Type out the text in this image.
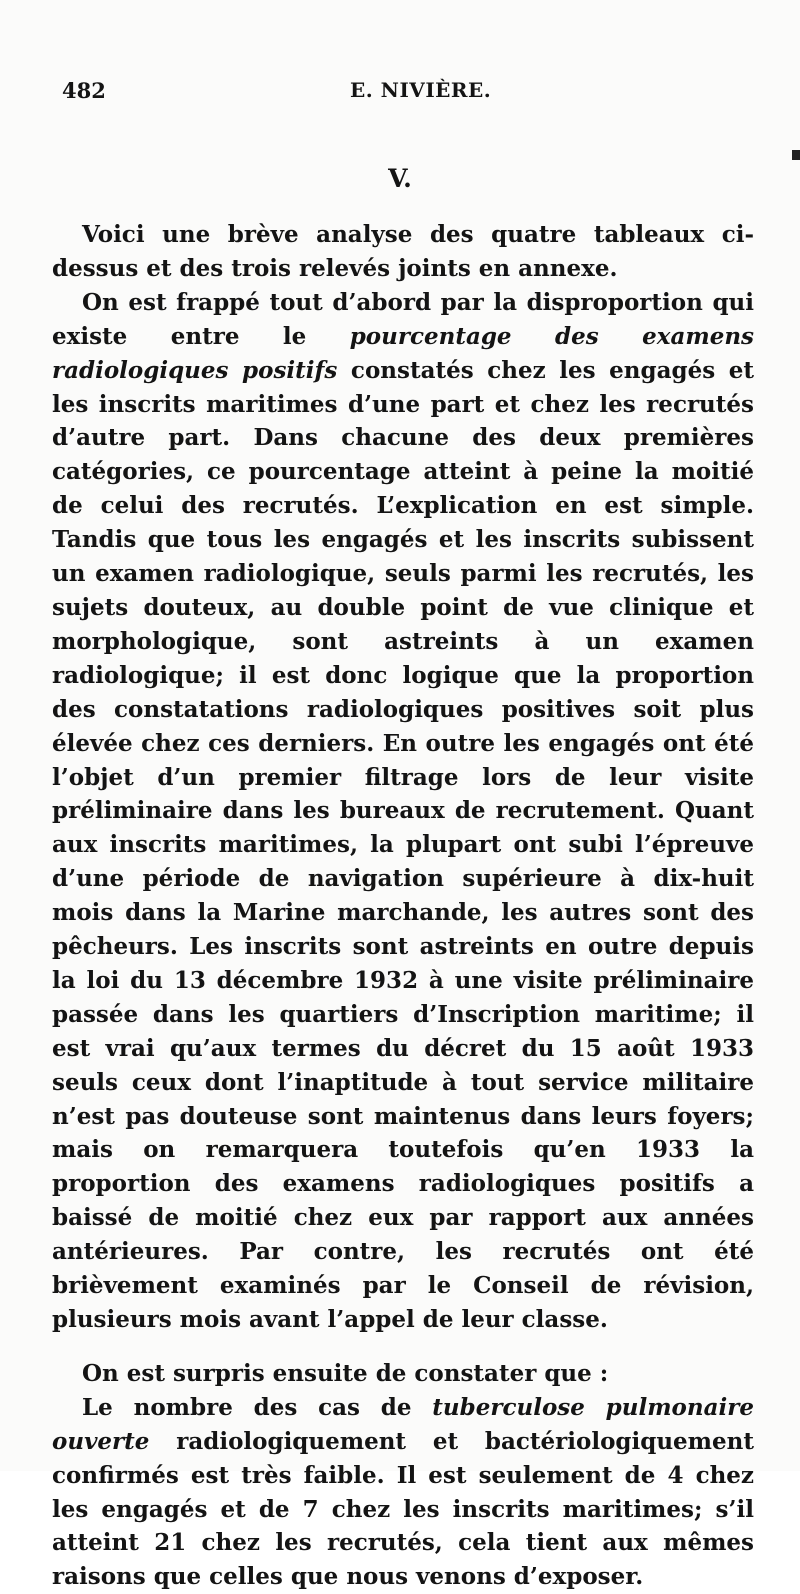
482	E. NIVIÈRE.
V.

Voici une brève analyse des quatre tableaux ci-dessus et des trois relevés joints en annexe.

On est frappé tout d’abord par la disproportion qui existe entre le pourcentage des examens radiologiques positifs constatés chez les engagés et les inscrits maritimes d’une part et chez les recrutés d’autre part. Dans chacune des deux premières catégories, ce pourcentage atteint à peine la moitié de celui des recrutés. L’explication en est simple. Tandis que tous les engagés et les inscrits subissent un examen radiologique, seuls parmi les recrutés, les sujets douteux, au double point de vue clinique et morphologique, sont astreints à un examen radiologique; il est donc logique que la proportion des constatations radiologiques positives soit plus élevée chez ces derniers. En outre les engagés ont été l’objet d’un premier filtrage lors de leur visite préliminaire dans les bureaux de recrutement. Quant aux inscrits maritimes, la plupart ont subi l’épreuve d’une période de navigation supérieure à dix-huit mois dans la Marine marchande, les autres sont des pêcheurs. Les inscrits sont astreints en outre depuis la loi du 13 décembre 1932 à une visite préliminaire passée dans les quartiers d’Inscription maritime; il est vrai qu’aux termes du décret du 15 août 1933 seuls ceux dont l’inaptitude à tout service militaire n’est pas douteuse sont maintenus dans leurs foyers; mais on remarquera toutefois qu’en 1933 la proportion des examens radiologiques positifs a baissé de moitié chez eux par rapport aux années antérieures. Par contre, les recrutés ont été brièvement examinés par le Conseil de révision, plusieurs mois avant l’appel de leur classe.

On est surpris ensuite de constater que :

Le nombre des cas de tuberculose pulmonaire ouverte radiologiquement et bactériologiquement confirmés est très faible. Il est seulement de 4 chez les engagés et de 7 chez les inscrits maritimes; s’il atteint 21 chez les recrutés, cela tient aux mêmes raisons que celles que nous venons d’exposer.
